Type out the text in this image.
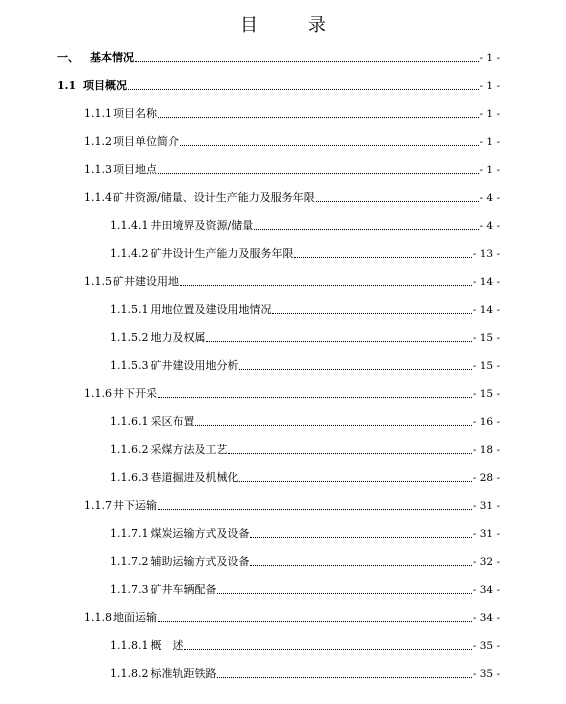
目　录
一、	基本情况	- 1 -
1.1 项目概况	- 1 -
1.1.1 项目名称	- 1 -
1.1.2 项目单位简介	- 1 -
1.1.3 项目地点	- 1 -
1.1.4 矿井资源/储量、设计生产能力及服务年限	- 4 -
1.1.4.1 井田境界及资源/储量	- 4 -
1.1.4.2 矿井设计生产能力及服务年限	- 13 -
1.1.5 矿井建设用地	- 14 -
1.1.5.1 用地位置及建设用地情况	- 14 -
1.1.5.2 地力及权属	- 15 -
1.1.5.3 矿井建设用地分析	- 15 -
1.1.6 井下开采	- 15 -
1.1.6.1 采区布置	- 16 -
1.1.6.2 采煤方法及工艺	- 18 -
1.1.6.3 巷道掘进及机械化	- 28 -
1.1.7 井下运输	- 31 -
1.1.7.1 煤炭运输方式及设备	- 31 -
1.1.7.2 辅助运输方式及设备	- 32 -
1.1.7.3 矿井车辆配备	- 34 -
1.1.8 地面运输	- 34 -
1.1.8.1 概　述	- 35 -
1.1.8.2 标准轨距铁路	- 35 -
